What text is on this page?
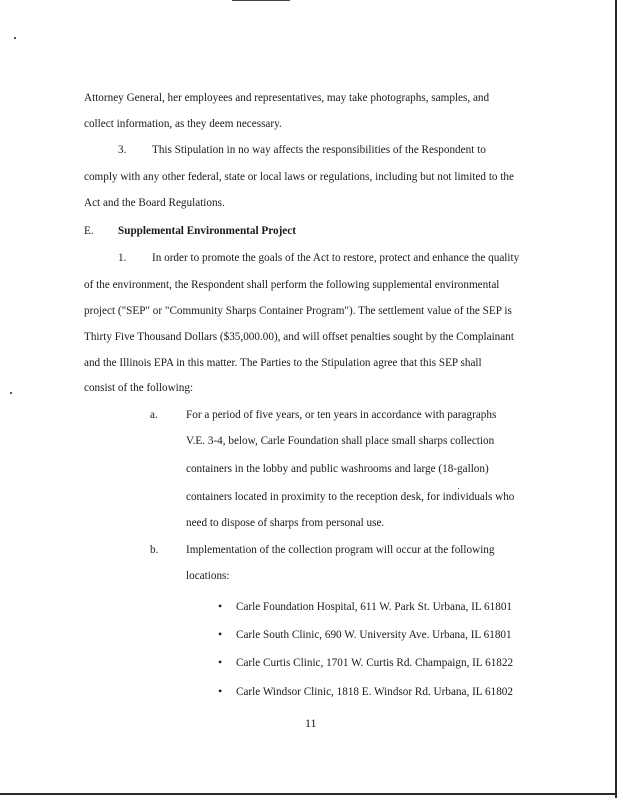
Attorney General, her employees and representatives, may take photographs, samples, and
collect information, as they deem necessary.
3. This Stipulation in no way affects the responsibilities of the Respondent to
comply with any other federal, state or local laws or regulations, including but not limited to the
Act and the Board Regulations.
E. Supplemental Environmental Project
1. In order to promote the goals of the Act to restore, protect and enhance the quality
of the environment, the Respondent shall perform the following supplemental environmental
project ("SEP" or "Community Sharps Container Program"). The settlement value of the SEP is
Thirty Five Thousand Dollars ($35,000.00), and will offset penalties sought by the Complainant
and the Illinois EPA in this matter. The Parties to the Stipulation agree that this SEP shall
consist of the following:
a.	For a period of five years, or ten years in accordance with paragraphs
V.E. 3-4, below, Carle Foundation shall place small sharps collection
containers in the lobby and public washrooms and large (18-gallon)
containers located in proximity to the reception desk, for individuals who
need to dispose of sharps from personal use.
b. Implementation of the collection program will occur at the following
locations:
• Carle Foundation Hospital, 611 W. Park St. Urbana, IL 61801
• Carle South Clinic, 690 W. University Ave. Urbana, IL 61801
• Carle Curtis Clinic, 1701 W. Curtis Rd. Champaign, IL 61822
• Carle Windsor Clinic, 1818 E. Windsor Rd. Urbana, IL 61802
11
